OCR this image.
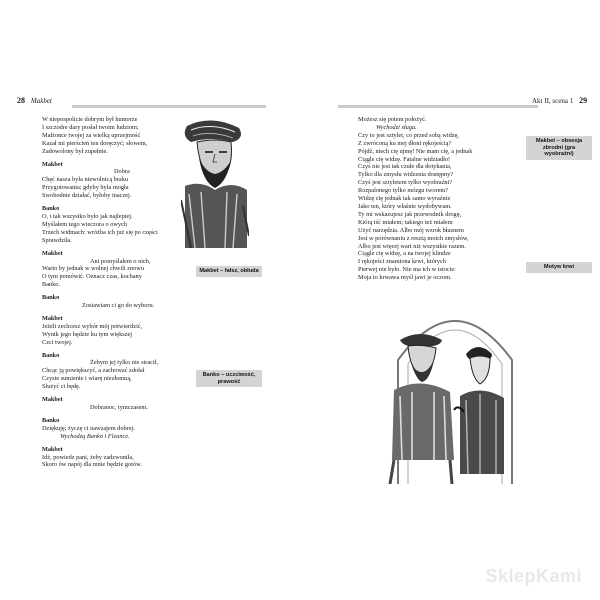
28 Makbet
W niepospolicie dobrym był humorze
I szczodre dary posłał twoim ludziom;
Małżonce twojej za wielką uprzejmość
Kazał mi pierścień ten doręczyć; słowem,
Zadowolony był zupełnie.
Makbet
Dobra
Chęć nasza była niewolnicą braku
Przygotowania; gdyby była mogła
Swobodnie działać, byłoby inaczej.
Banko
O, i tak wszystko było jak najlepiej.
Myślałem tego wieczora o owych
Trzech widmach: wróżba ich już się po części
Sprawdziła.
Makbet
Ani pomyślałem o nich,
Warto by jednak w wolnej chwili znowu
O tym pomówić. Oznacz czas, kochany
Banko.
Banko
Zostawiam ci go do wyboru.
Makbet
Jeżeli zechcesz wybór mój potwierdzić,
Wynik jego będzie ku tym większej
Czci twojej.
Banko
Żebym jej tylko nie stracił,
Chcąc ją powiększyć, a zachować zdołał
Czyste sumienie i wiarę niezłomną,
Służyć ci będę.
Makbet
Dobranoc, tymczasem.
Banko
Dziękuję; życzę ci nawzajem dobrej.
Wychodzą Banko i Fleance.
Makbet
Idź, powiedz pani, żeby zadzwoniła,
Skoro ów napój dla mnie będzie gotów.
Makbet – fałsz, obłuda
Banko – uczciwość, prawość
Akt II, scena 1 29
Możesz się potem położyć.
Wychodzi sługa.
Czy to jest sztylet, co przed sobą widzę,
Z zwróconą ku mej dłoni rękojeścią?
Pójdź, niech cię ujmę! Nie mam cię, a jednak
Ciągle cię widzę. Fatalne widziadło!
Czyś nie jest tak czułe dla dotykania,
Tylko dla zmysłu widzenia dostępny?
Czyś jest sztyletem tylko wyobraźni?
Rozpalonego tylko mózgu tworem?
Widzę cię jednak tak samo wyraźnie
Jako ten, który właśnie wydobywam.
Ty mi wskazujesz jak przewodnik drogę,
Którą iść miałem; takiego też miałem
Użyć narzędzia. Albo mój wzrok błaznem
Jest w porównaniu z resztą moich zmysłów,
Albo jest więcej wart niż wszystkie razem.
Ciągle cię widzę, a na twojej klindze
I rękojeści znamiona krwi, których
Pierwej nie było. Nie ma ich w istocie:
Moja to krwawa myśl jawi je oczom.
Makbet – obsesja zbrodni (gra wyobraźni)
Motyw krwi
SklepKami
